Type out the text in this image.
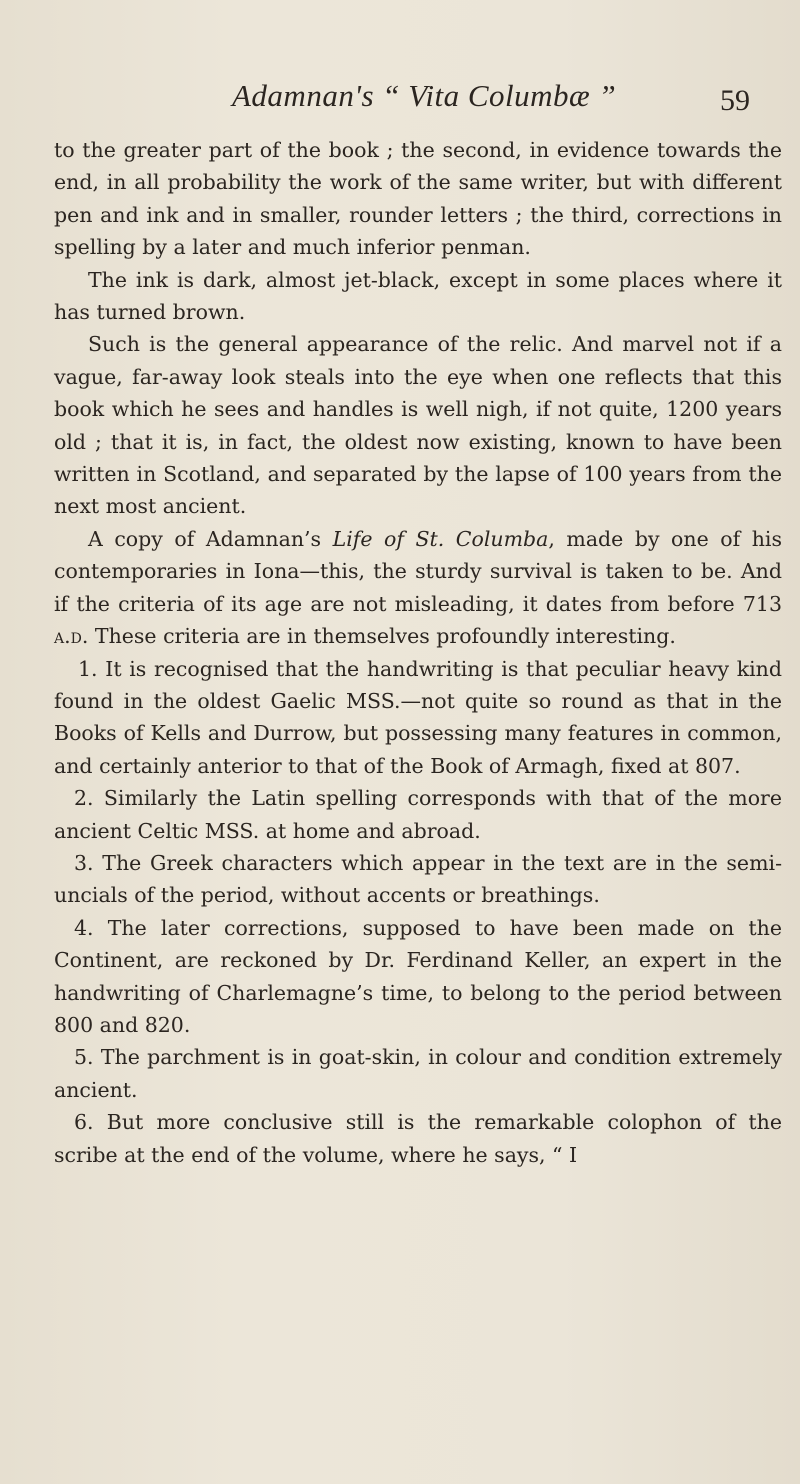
Adamnan's “ Vita Columbæ ”	59

to the greater part of the book ; the second, in evidence towards the end, in all probability the work of the same writer, but with different pen and ink and in smaller, rounder letters ; the third, corrections in spelling by a later and much inferior penman.

The ink is dark, almost jet-black, except in some places where it has turned brown.

Such is the general appearance of the relic. And marvel not if a vague, far-away look steals into the eye when one reflects that this book which he sees and handles is well nigh, if not quite, 1200 years old ; that it is, in fact, the oldest now existing, known to have been written in Scotland, and separated by the lapse of 100 years from the next most ancient.

A copy of Adamnan’s Life of St. Columba, made by one of his contemporaries in Iona—this, the sturdy survival is taken to be. And if the criteria of its age are not misleading, it dates from before 713 a.d. These criteria are in themselves profoundly interesting.

1. It is recognised that the handwriting is that peculiar heavy kind found in the oldest Gaelic MSS.—not quite so round as that in the Books of Kells and Durrow, but possessing many features in common, and certainly anterior to that of the Book of Armagh, fixed at 807.

2. Similarly the Latin spelling corresponds with that of the more ancient Celtic MSS. at home and abroad.

3. The Greek characters which appear in the text are in the semi-uncials of the period, without accents or breathings.

4. The later corrections, supposed to have been made on the Continent, are reckoned by Dr. Ferdinand Keller, an expert in the handwriting of Charlemagne’s time, to belong to the period between 800 and 820.

5. The parchment is in goat-skin, in colour and condition extremely ancient.

6. But more conclusive still is the remarkable colophon of the scribe at the end of the volume, where he says, “ I
